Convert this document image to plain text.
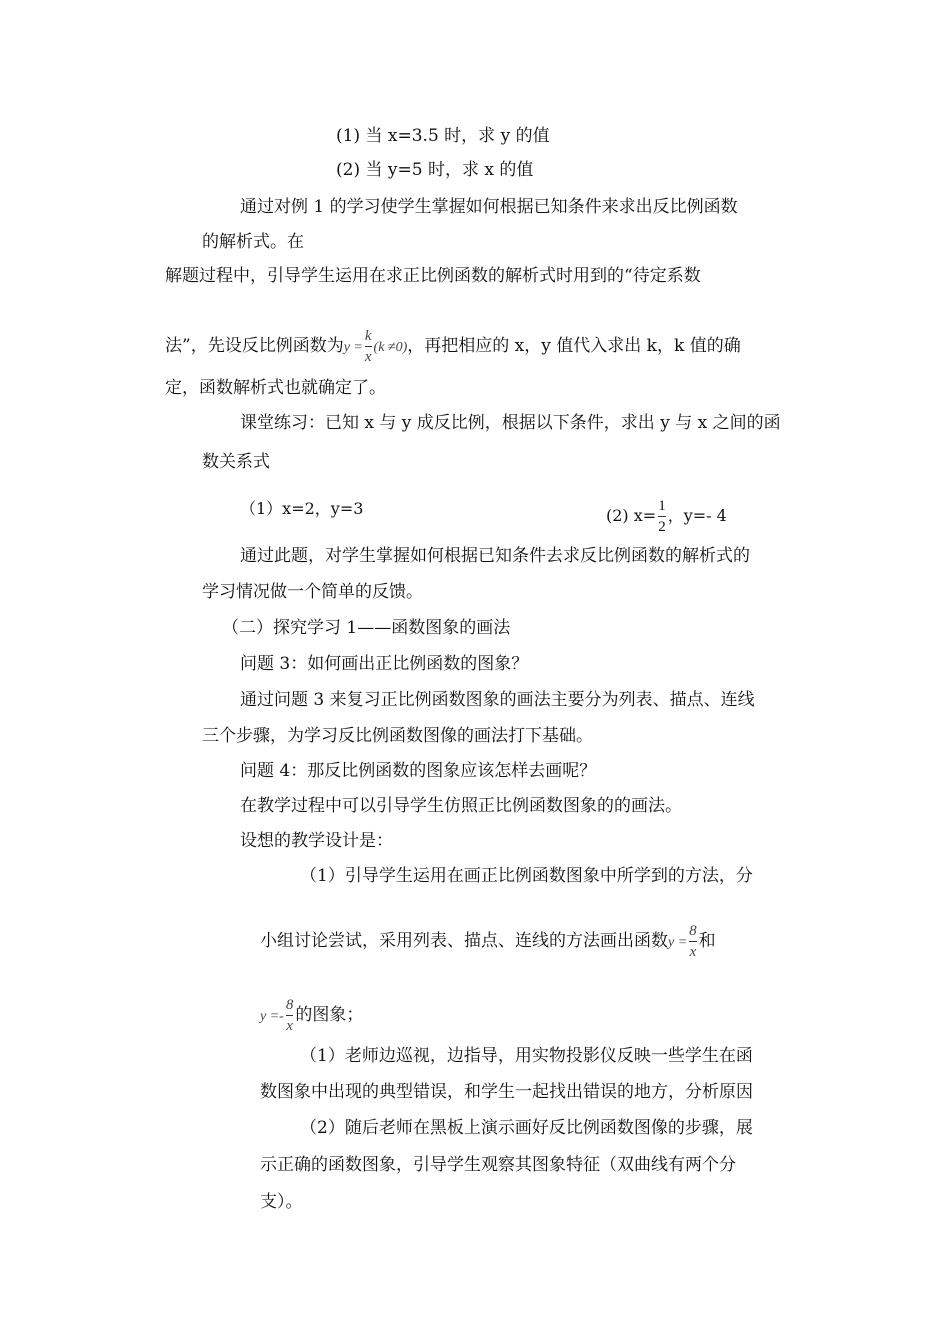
(1) 当 x=3.5 时，求 y 的值
(2) 当 y=5 时，求 x 的值
通过对例 1 的学习使学生掌握如何根据已知条件来求出反比例函数
的解析式。在
解题过程中，引导学生运用在求正比例函数的解析式时用到的“待定系数
法”，先设反比例函数为$y = \frac{k}{x} (k \ne 0)$，再把相应的 x，y 值代入求出 k，k 值的确
定，函数解析式也就确定了。
课堂练习：已知 x 与 y 成反比例，根据以下条件，求出 y 与 x 之间的函
数关系式
（1）x=2，y=3	(2) $x= \frac{1}{2}$ ，y=- 4
通过此题，对学生掌握如何根据已知条件去求反比例函数的解析式的
学习情况做一个简单的反馈。
（二）探究学习 1——函数图象的画法
问题 3：如何画出正比例函数的图象？
通过问题 3 来复习正比例函数图象的画法主要分为列表、描点、连线
三个步骤，为学习反比例函数图像的画法打下基础。
问题 4：那反比例函数的图象应该怎样去画呢？
在教学过程中可以引导学生仿照正比例函数图象的的画法。
设想的教学设计是：
（1）引导学生运用在画正比例函数图象中所学到的方法，分
小组讨论尝试，采用列表、描点、连线的方法画出函数$y = \frac{8}{x}$ 和
$y =- \frac{8}{x}$ 的图象；
（1）老师边巡视，边指导，用实物投影仪反映一些学生在函
数图象中出现的典型错误，和学生一起找出错误的地方，分析原因
（2）随后老师在黑板上演示画好反比例函数图像的步骤，展
示正确的函数图象，引导学生观察其图象特征（双曲线有两个分
支）。
